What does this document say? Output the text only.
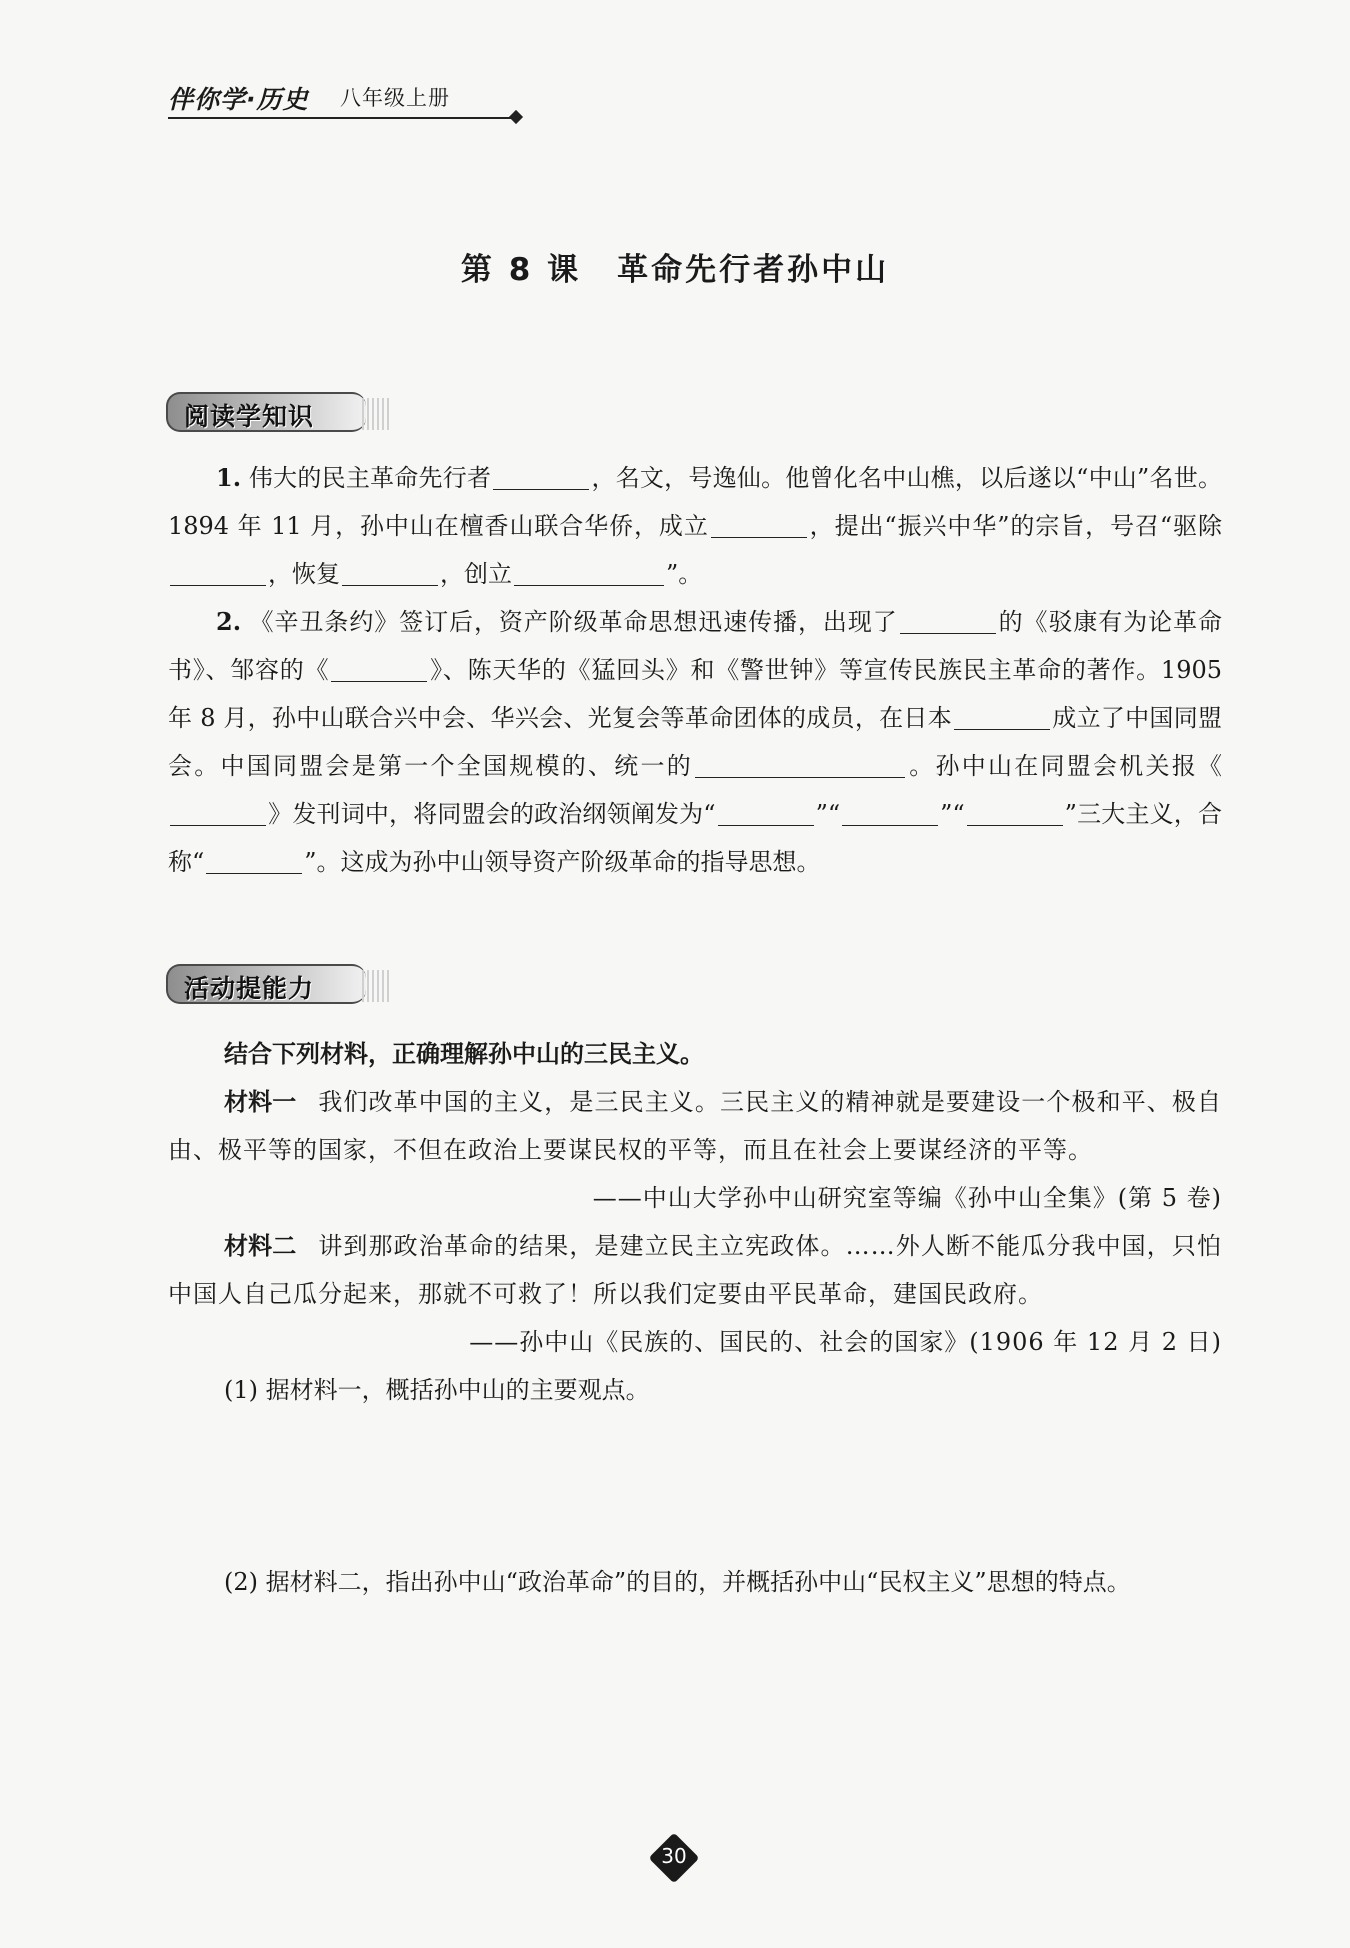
伴你学·历史 八年级上册
第 8 课 革命先行者孙中山
阅读学知识

1. 伟大的民主革命先行者	，名文，号逸仙。他曾化名中山樵，以后遂以“中山”名世。1894 年 11 月，孙中山在檀香山联合华侨，成立	，提出“振兴中华”的宗旨，号召“驱除，恢复	，创立	”。

2. 《辛丑条约》签订后，资产阶级革命思想迅速传播，出现了	的《驳康有为论革命书》、邹容的《	》、陈天华的《猛回头》和《警世钟》等宣传民族民主革命的著作。1905 年 8 月，孙中山联合兴中会、华兴会、光复会等革命团体的成员，在日本	成立了中国同盟会。中国同盟会是第一个全国规模的、统一的	。孙中山在同盟会机关报《》发刊词中，将同盟会的政治纲领阐发为“	”“	”“	”三大主义，合称“	”。这成为孙中山领导资产阶级革命的指导思想。

活动提能力

结合下列材料，正确理解孙中山的三民主义。

材料一 我们改革中国的主义，是三民主义。三民主义的精神就是要建设一个极和平、极自由、极平等的国家，不但在政治上要谋民权的平等，而且在社会上要谋经济的平等。

——中山大学孙中山研究室等编《孙中山全集》(第 5 卷)

材料二 讲到那政治革命的结果，是建立民主立宪政体。……外人断不能瓜分我中国，只怕中国人自己瓜分起来，那就不可救了！所以我们定要由平民革命，建国民政府。

——孙中山《民族的、国民的、社会的国家》(1906 年 12 月 2 日)

(1) 据材料一，概括孙中山的主要观点。

(2) 据材料二，指出孙中山“政治革命”的目的，并概括孙中山“民权主义”思想的特点。

30
